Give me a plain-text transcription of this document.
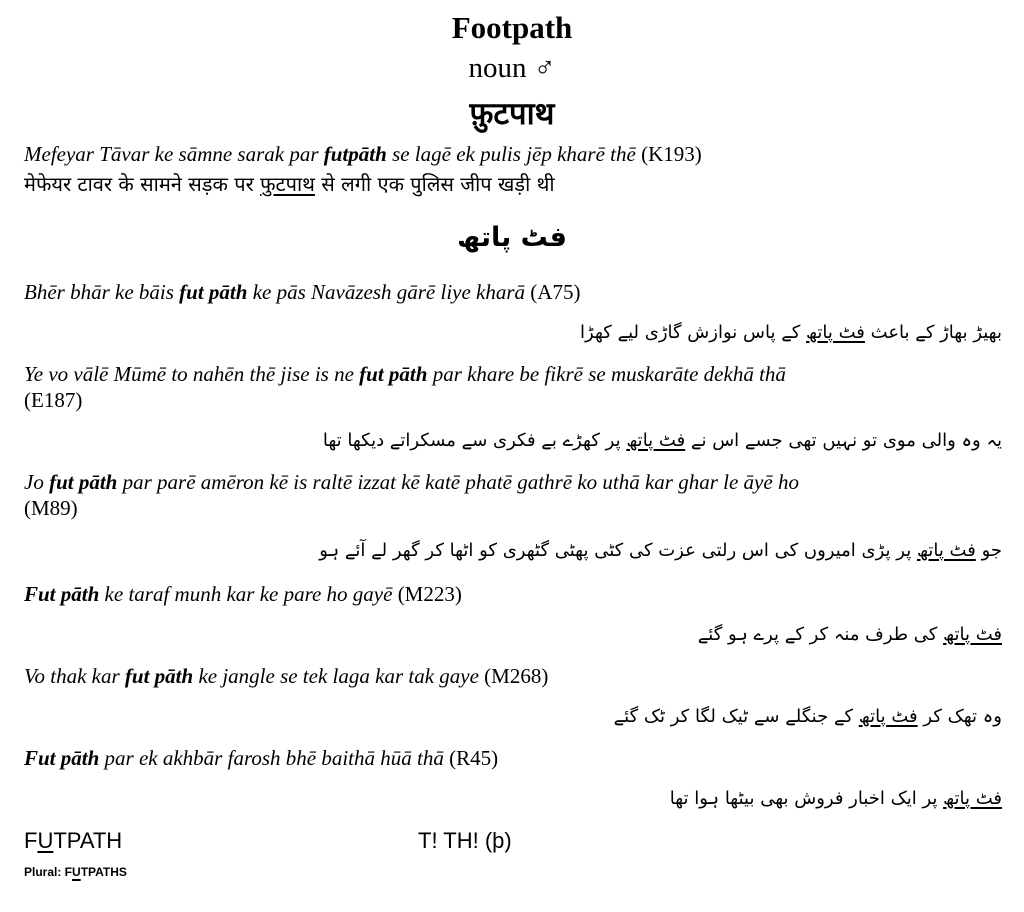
Footpath
noun ♂
फ़ुटपाथ
Mefeyar Tāvar ke sāmne sarak par futpāth se lagē ek pulis jēp kharē thē (K193)
मेफेयर टावर के सामने सड़क पर फुटपाथ से लगी एक पुलिस जीप खड़ी थी
فٹ پاتھ
Bhēr bhār ke bāis fut pāth ke pās Navāzesh gārē liye kharā (A75)
بھیڑ بھاڑ کے باعث فٹ پاتھ کے پاس نوازش گاڑی لیے کھڑا
Ye vo vālē Mūmē to nahēn thē jise is ne fut pāth par khare be fikrē se muskarāte dekhā thā
(E187)
یہ وہ والی موی تو نہیں تھی جسے اس نے فٹ پاتھ پر کھڑے بے فکری سے مسکراتے دیکھا تھا
Jo fut pāth par parē amēron kē is raltē izzat kē katē phatē gathrē ko uthā kar ghar le āyē ho
(M89)
جو فٹ پاتھ پر پڑی امیروں کی اس رلتی عزت کی کٹی پھٹی گٹھری کو اٹھا کر گھر لے آئے ہو
Fut pāth ke taraf munh kar ke pare ho gayē (M223)
فٹ پاتھ کی طرف منہ کر کے پرے ہو گئے
Vo thak kar fut pāth ke jangle se tek laga kar tak gaye (M268)
وہ تھک کر فٹ پاتھ کے جنگلے سے ٹیک لگا کر ٹک گئے
Fut pāth par ek akhbār farosh bhē baithā hūā thā (R45)
فٹ پاتھ پر ایک اخبار فروش بھی بیٹھا ہوا تھا
FUTPATH	T! TH! (þ)
Plural: FUTPATHS
